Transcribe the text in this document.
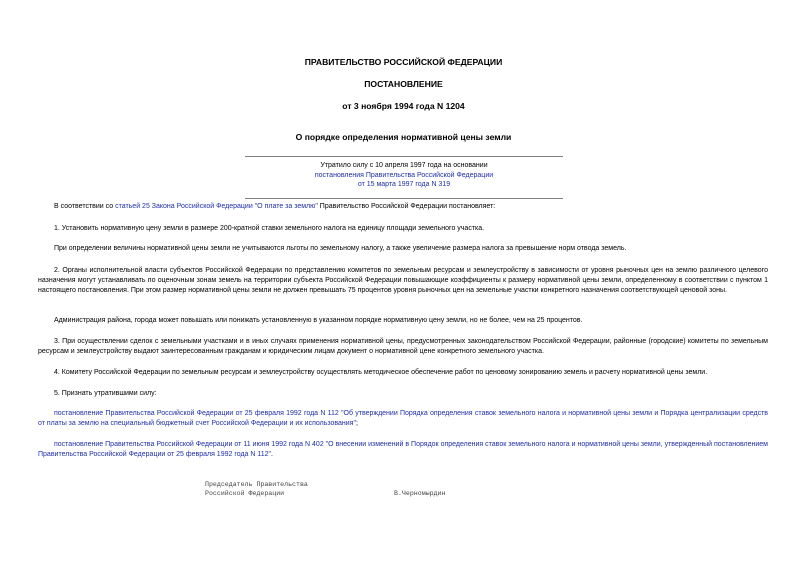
ПРАВИТЕЛЬСТВО РОССИЙСКОЙ ФЕДЕРАЦИИ
ПОСТАНОВЛЕНИЕ
от 3 ноября 1994 года N 1204
О порядке определения нормативной цены земли
Утратило силу с 10 апреля 1997 года на основании
постановления Правительства Российской Федерации
от 15 марта 1997 года N 319
В соответствии со статьей 25 Закона Российской Федерации "О плате за землю" Правительство Российской Федерации постановляет:
1. Установить нормативную цену земли в размере 200-кратной ставки земельного налога на единицу площади земельного участка.
При определении величины нормативной цены земли не учитываются льготы по земельному налогу, а также увеличение размера налога за превышение норм отвода земель.
2. Органы исполнительной власти субъектов Российской Федерации по представлению комитетов по земельным ресурсам и землеустройству в зависимости от уровня рыночных цен на землю различного целевого назначения могут устанавливать по оценочным зонам земель на территории субъекта Российской Федерации повышающие коэффициенты к размеру нормативной цены земли, определенному в соответствии с пунктом 1 настоящего постановления. При этом размер нормативной цены земли не должен превышать 75 процентов уровня рыночных цен на земельные участки конкретного назначения соответствующей ценовой зоны.
Администрация района, города может повышать или понижать установленную в указанном порядке нормативную цену земли, но не более, чем на 25 процентов.
3. При осуществлении сделок с земельными участками и в иных случаях применения нормативной цены, предусмотренных законодательством Российской Федерации, районные (городские) комитеты по земельным ресурсам и землеустройству выдают заинтересованным гражданам и юридическим лицам документ о нормативной цене конкретного земельного участка.
4. Комитету Российской Федерации по земельным ресурсам и землеустройству осуществлять методическое обеспечение работ по ценовому зонированию земель и расчету нормативной цены земли.
5. Признать утратившими силу:
постановление Правительства Российской Федерации от 25 февраля 1992 года N 112 "Об утверждении Порядка определения ставок земельного налога и нормативной цены земли и Порядка централизации средств от платы за землю на специальный бюджетный счет Российской Федерации и их использования";
постановление Правительства Российской Федерации от 11 июня 1992 года N 402 "О внесении изменений в Порядок определения ставок земельного налога и нормативной цены земли, утвержденный постановлением Правительства Российской Федерации от 25 февраля 1992 года N 112".
Председатель Правительства
Российской Федерации	В.Черномырдин
